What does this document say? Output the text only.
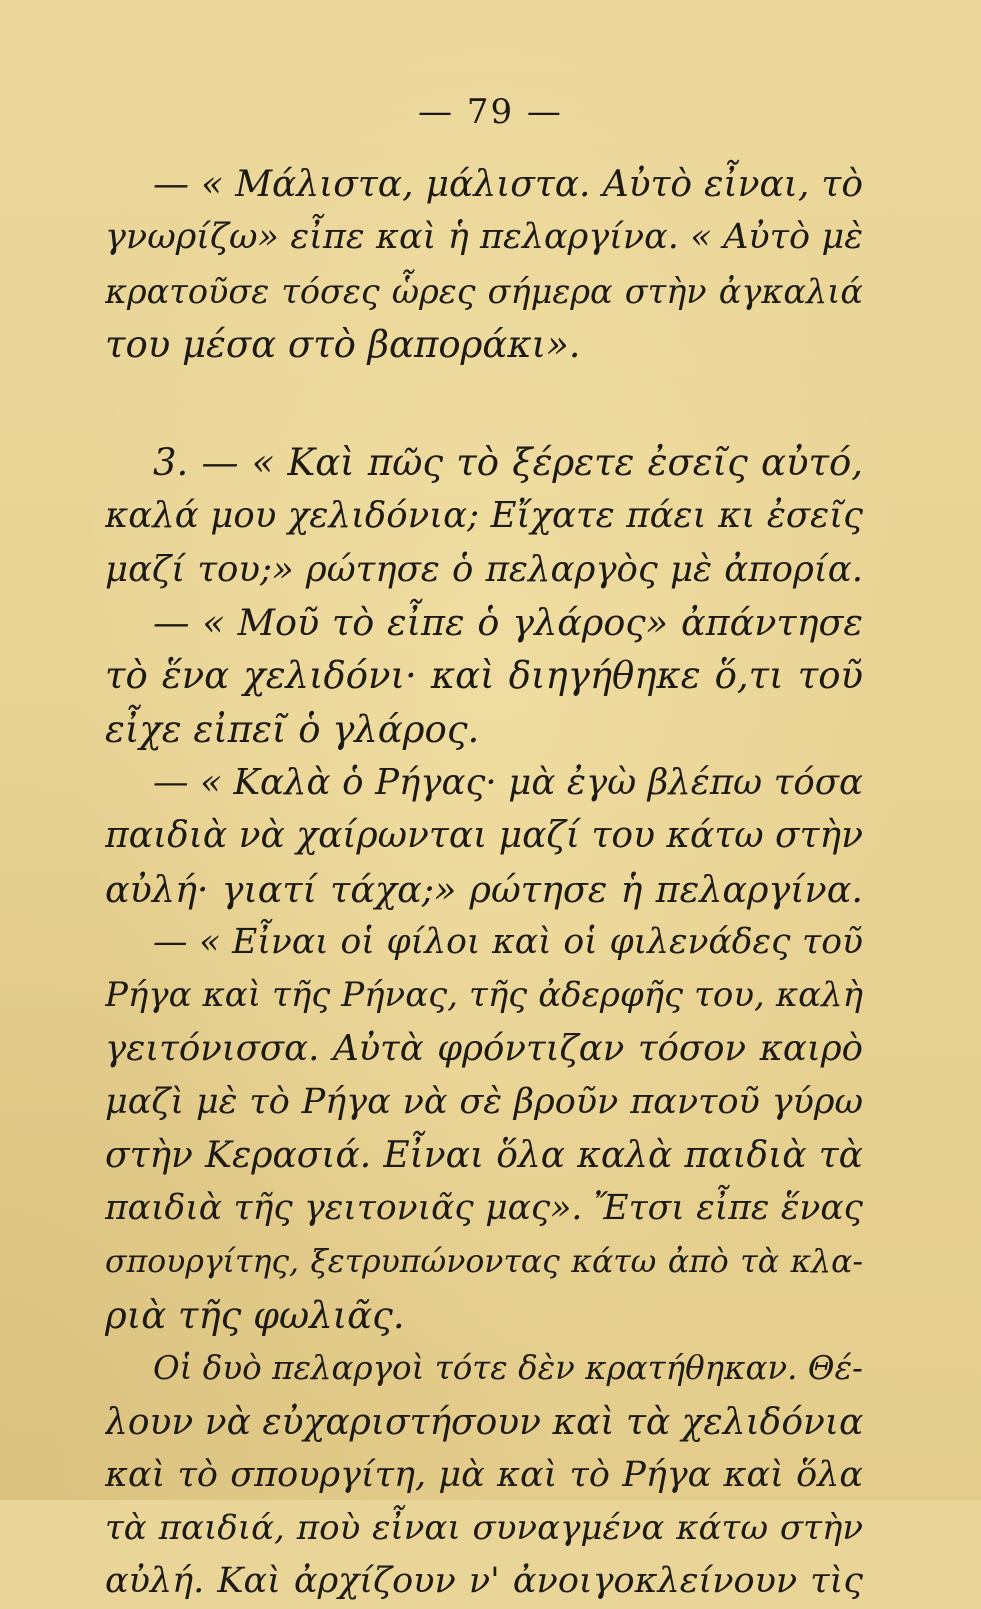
— 79 —
— « Μάλιστα, μάλιστα. Αὐτὸ εἶναι, τὸ
γνωρίζω» εἶπε καὶ ἡ πελαργίνα. « Αὐτὸ μὲ
κρατοῦσε τόσες ὧρες σήμερα στὴν ἀγκαλιά
του μέσα στὸ βαποράκι».
3. — « Καὶ πῶς τὸ ξέρετε ἐσεῖς αὐτό,
καλά μου χελιδόνια; Εἴχατε πάει κι ἐσεῖς
μαζί του;» ρώτησε ὁ πελαργὸς μὲ ἀπορία.
— « Μοῦ τὸ εἶπε ὁ γλάρος» ἀπάντησε
τὸ ἕνα χελιδόνι· καὶ διηγήθηκε ὅ,τι τοῦ
εἶχε εἰπεῖ ὁ γλάρος.
— « Καλὰ ὁ Ρήγας· μὰ ἐγὼ βλέπω τόσα
παιδιὰ νὰ χαίρωνται μαζί του κάτω στὴν
αὐλή· γιατί τάχα;» ρώτησε ἡ πελαργίνα.
— « Εἶναι οἱ φίλοι καὶ οἱ φιλενάδες τοῦ
Ρήγα καὶ τῆς Ρήνας, τῆς ἀδερφῆς του, καλὴ
γειτόνισσα. Αὐτὰ φρόντιζαν τόσον καιρὸ
μαζὶ μὲ τὸ Ρήγα νὰ σὲ βροῦν παντοῦ γύρω
στὴν Κερασιά. Εἶναι ὅλα καλὰ παιδιὰ τὰ
παιδιὰ τῆς γειτονιᾶς μας». Ἔτσι εἶπε ἕνας
σπουργίτης, ξετρυπώνοντας κάτω ἀπὸ τὰ κλα-
ριὰ τῆς φωλιᾶς.
Οἱ δυὸ πελαργοὶ τότε δὲν κρατήθηκαν. Θέ-
λουν νὰ εὐχαριστήσουν καὶ τὰ χελιδόνια
καὶ τὸ σπουργίτη, μὰ καὶ τὸ Ρήγα καὶ ὅλα
τὰ παιδιά, ποὺ εἶναι συναγμένα κάτω στὴν
αὐλή. Καὶ ἀρχίζουν ν' ἀνοιγοκλείνουν τὶς
